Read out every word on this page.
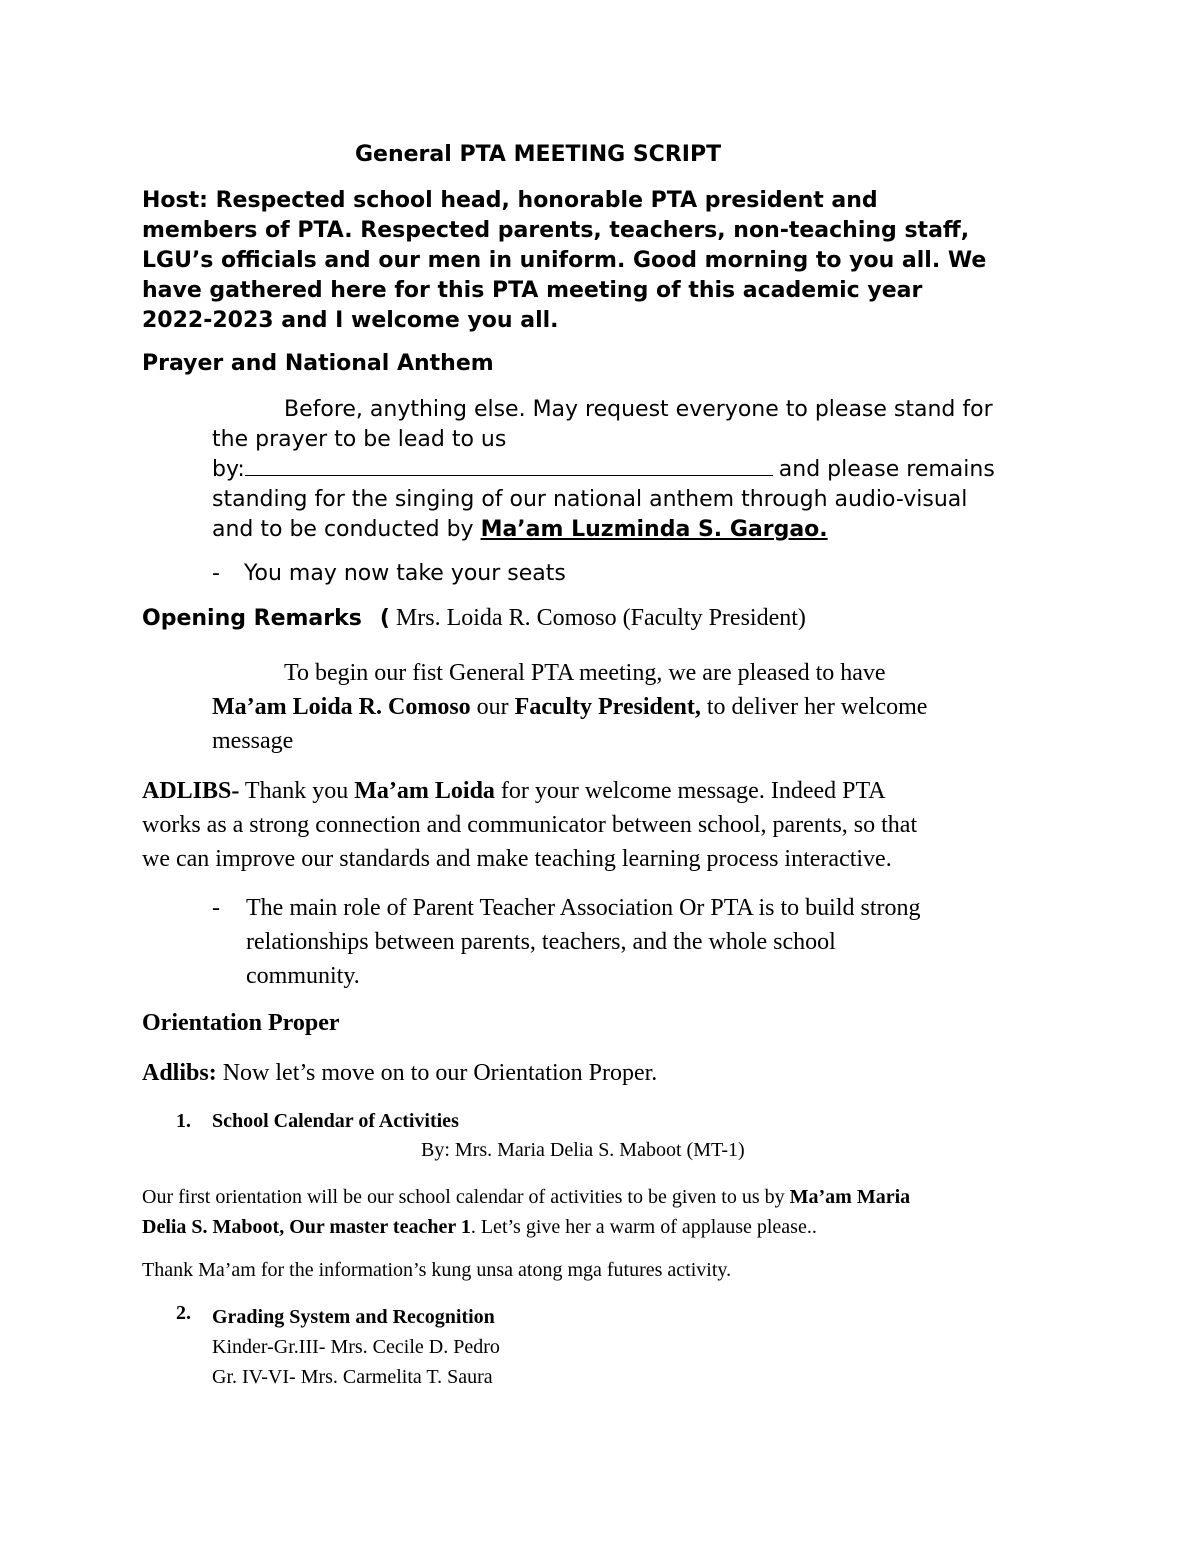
General PTA MEETING SCRIPT
Host: Respected school head, honorable PTA president and
members of PTA. Respected parents, teachers, non-teaching staff,
LGU’s officials and our men in uniform. Good morning to you all. We
have gathered here for this PTA meeting of this academic year
2022-2023 and I welcome you all.
Prayer and National Anthem
Before, anything else. May request everyone to please stand for
the prayer to be lead to us
by:	and please remains
standing for the singing of our national anthem through audio-visual
and to be conducted by Ma’am Luzminda S. Gargao.
- You may now take your seats
Opening Remarks ( Mrs. Loida R. Comoso (Faculty President)
To begin our fist General PTA meeting, we are pleased to have
Ma’am Loida R. Comoso our Faculty President, to deliver her welcome
message
ADLIBS- Thank you Ma’am Loida for your welcome message. Indeed PTA
works as a strong connection and communicator between school, parents, so that
we can improve our standards and make teaching learning process interactive.
- The main role of Parent Teacher Association Or PTA is to build strong
relationships between parents, teachers, and the whole school
community.
Orientation Proper
Adlibs: Now let’s move on to our Orientation Proper.
1. School Calendar of Activities
By: Mrs. Maria Delia S. Maboot (MT-1)
Our first orientation will be our school calendar of activities to be given to us by Ma’am Maria
Delia S. Maboot, Our master teacher 1. Let’s give her a warm of applause please..
Thank Ma’am for the information’s kung unsa atong mga futures activity.
2. Grading System and Recognition
Kinder-Gr.III- Mrs. Cecile D. Pedro
Gr. IV-VI- Mrs. Carmelita T. Saura
